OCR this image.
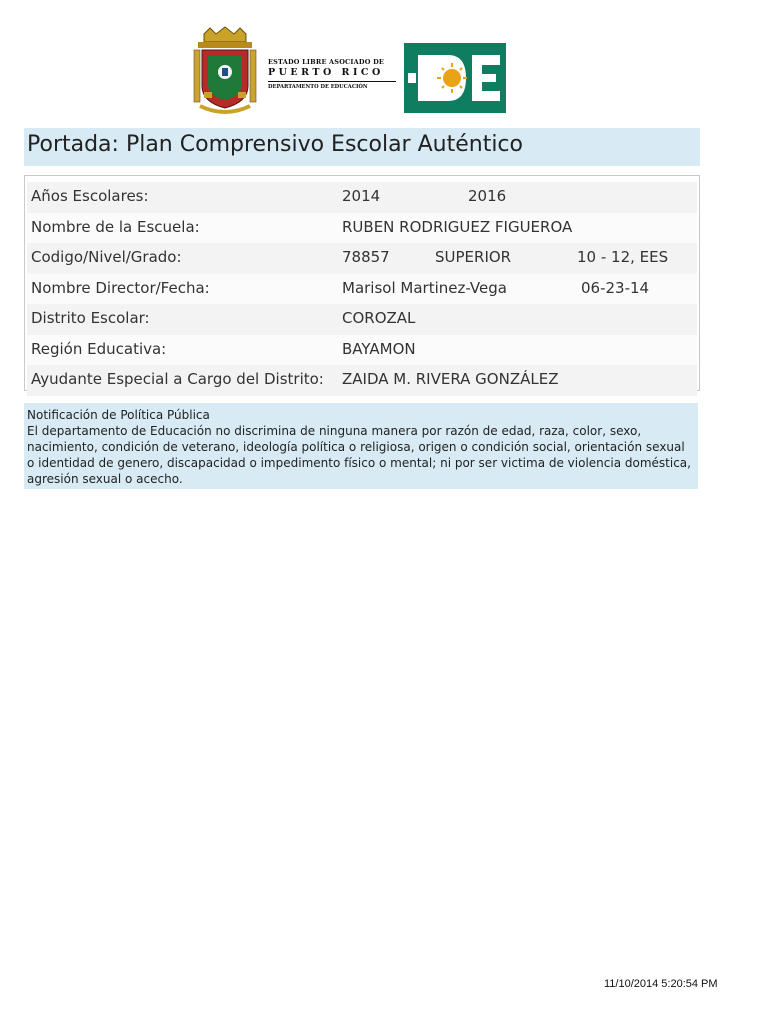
ESTADO LIBRE ASOCIADO DE
PUERTO RICO
DEPARTAMENTO DE EDUCACIÓN
Portada: Plan Comprensivo Escolar Auténtico
Años Escolares:	2014	2016
Nombre de la Escuela:	RUBEN RODRIGUEZ FIGUEROA
Codigo/Nivel/Grado:	78857	SUPERIOR	10 - 12, EES
Nombre Director/Fecha:	Marisol Martinez-Vega	06-23-14
Distrito Escolar:	COROZAL
Región Educativa:	BAYAMON
Ayudante Especial a Cargo del Distrito: ZAIDA M. RIVERA GONZÁLEZ

Notificación de Política Pública

El departamento de Educación no discrimina de ninguna manera por razón de edad, raza, color, sexo, nacimiento, condición de veterano, ideología política o religiosa, origen o condición social, orientación sexual o identidad de genero, discapacidad o impedimento físico o mental; ni por ser victima de violencia doméstica, agresión sexual o acecho.

11/10/2014 5:20:54 PM
